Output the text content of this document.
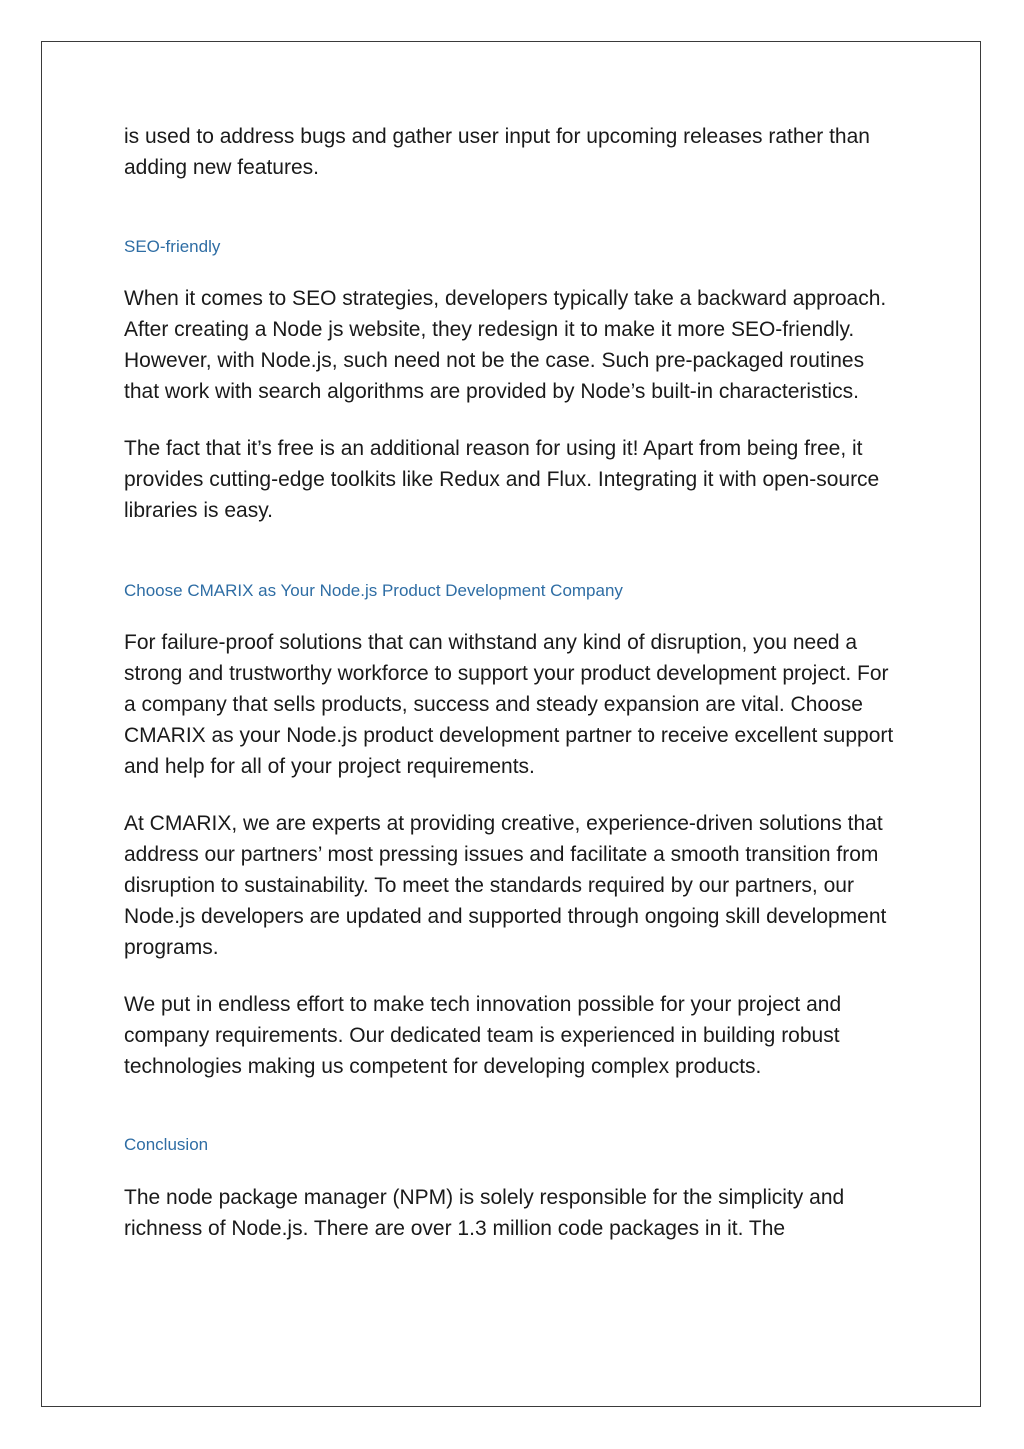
is used to address bugs and gather user input for upcoming releases rather than adding new features.

SEO-friendly

When it comes to SEO strategies, developers typically take a backward approach. After creating a Node js website, they redesign it to make it more SEO-friendly. However, with Node.js, such need not be the case. Such pre-packaged routines that work with search algorithms are provided by Node’s built-in characteristics.

The fact that it’s free is an additional reason for using it! Apart from being free, it provides cutting-edge toolkits like Redux and Flux. Integrating it with open-source libraries is easy.

Choose CMARIX as Your Node.js Product Development Company

For failure-proof solutions that can withstand any kind of disruption, you need a strong and trustworthy workforce to support your product development project. For a company that sells products, success and steady expansion are vital. Choose CMARIX as your Node.js product development partner to receive excellent support and help for all of your project requirements.

At CMARIX, we are experts at providing creative, experience-driven solutions that address our partners’ most pressing issues and facilitate a smooth transition from disruption to sustainability. To meet the standards required by our partners, our Node.js developers are updated and supported through ongoing skill development programs.

We put in endless effort to make tech innovation possible for your project and company requirements. Our dedicated team is experienced in building robust technologies making us competent for developing complex products.

Conclusion

The node package manager (NPM) is solely responsible for the simplicity and richness of Node.js. There are over 1.3 million code packages in it. The
